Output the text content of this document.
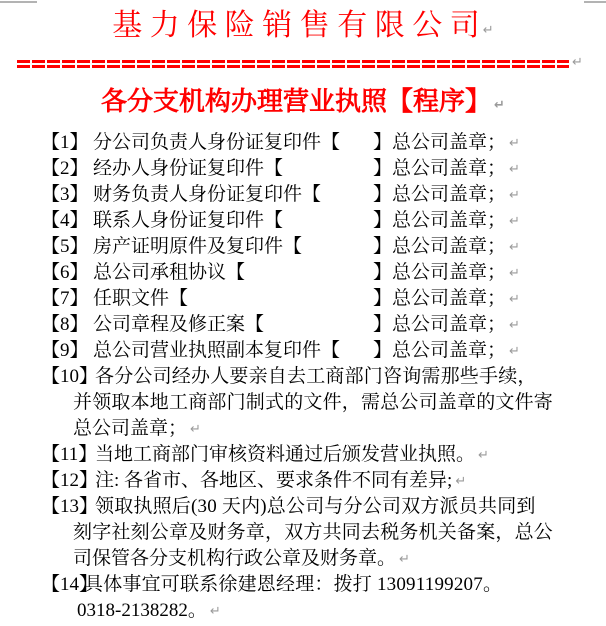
基 力 保 险 销 售 有 限 公 司 ↵
↵
各分支机构办理营业执照【程序】 ↵
【1】 分公司负责人身份证复印件【 】总公司盖章； ↵
【2】 经办人身份证复印件【	】总公司盖章； ↵
【3】 财务负责人身份证复印件【	】总公司盖章； ↵
【4】 联系人身份证复印件【	】总公司盖章； ↵
【5】 房产证明原件及复印件【	】总公司盖章； ↵
【6】 总公司承租协议【	】总公司盖章； ↵
【7】 任职文件【	】总公司盖章； ↵
【8】 公司章程及修正案【	】总公司盖章； ↵
【9】 总公司营业执照副本复印件【 】总公司盖章； ↵
【10】
各分公司经办人要亲自去工商部门咨询需那些手续，
并领取本地工商部门制式的文件，需总公司盖章的文件寄
总公司盖章； ↵
【11】
当地工商部门审核资料通过后颁发营业执照。 ↵
【12】
注: 各省市、各地区、要求条件不同有差异; ↵
【13】
领取执照后(30 天内)总公司与分公司双方派员共同到
刻字社刻公章及财务章，双方共同去税务机关备案，总公
司保管各分支机构行政公章及财务章。 ↵
【14】
具体事宜可联系徐建恩经理：拨打 13091199207。
0318-2138282。 ↵
